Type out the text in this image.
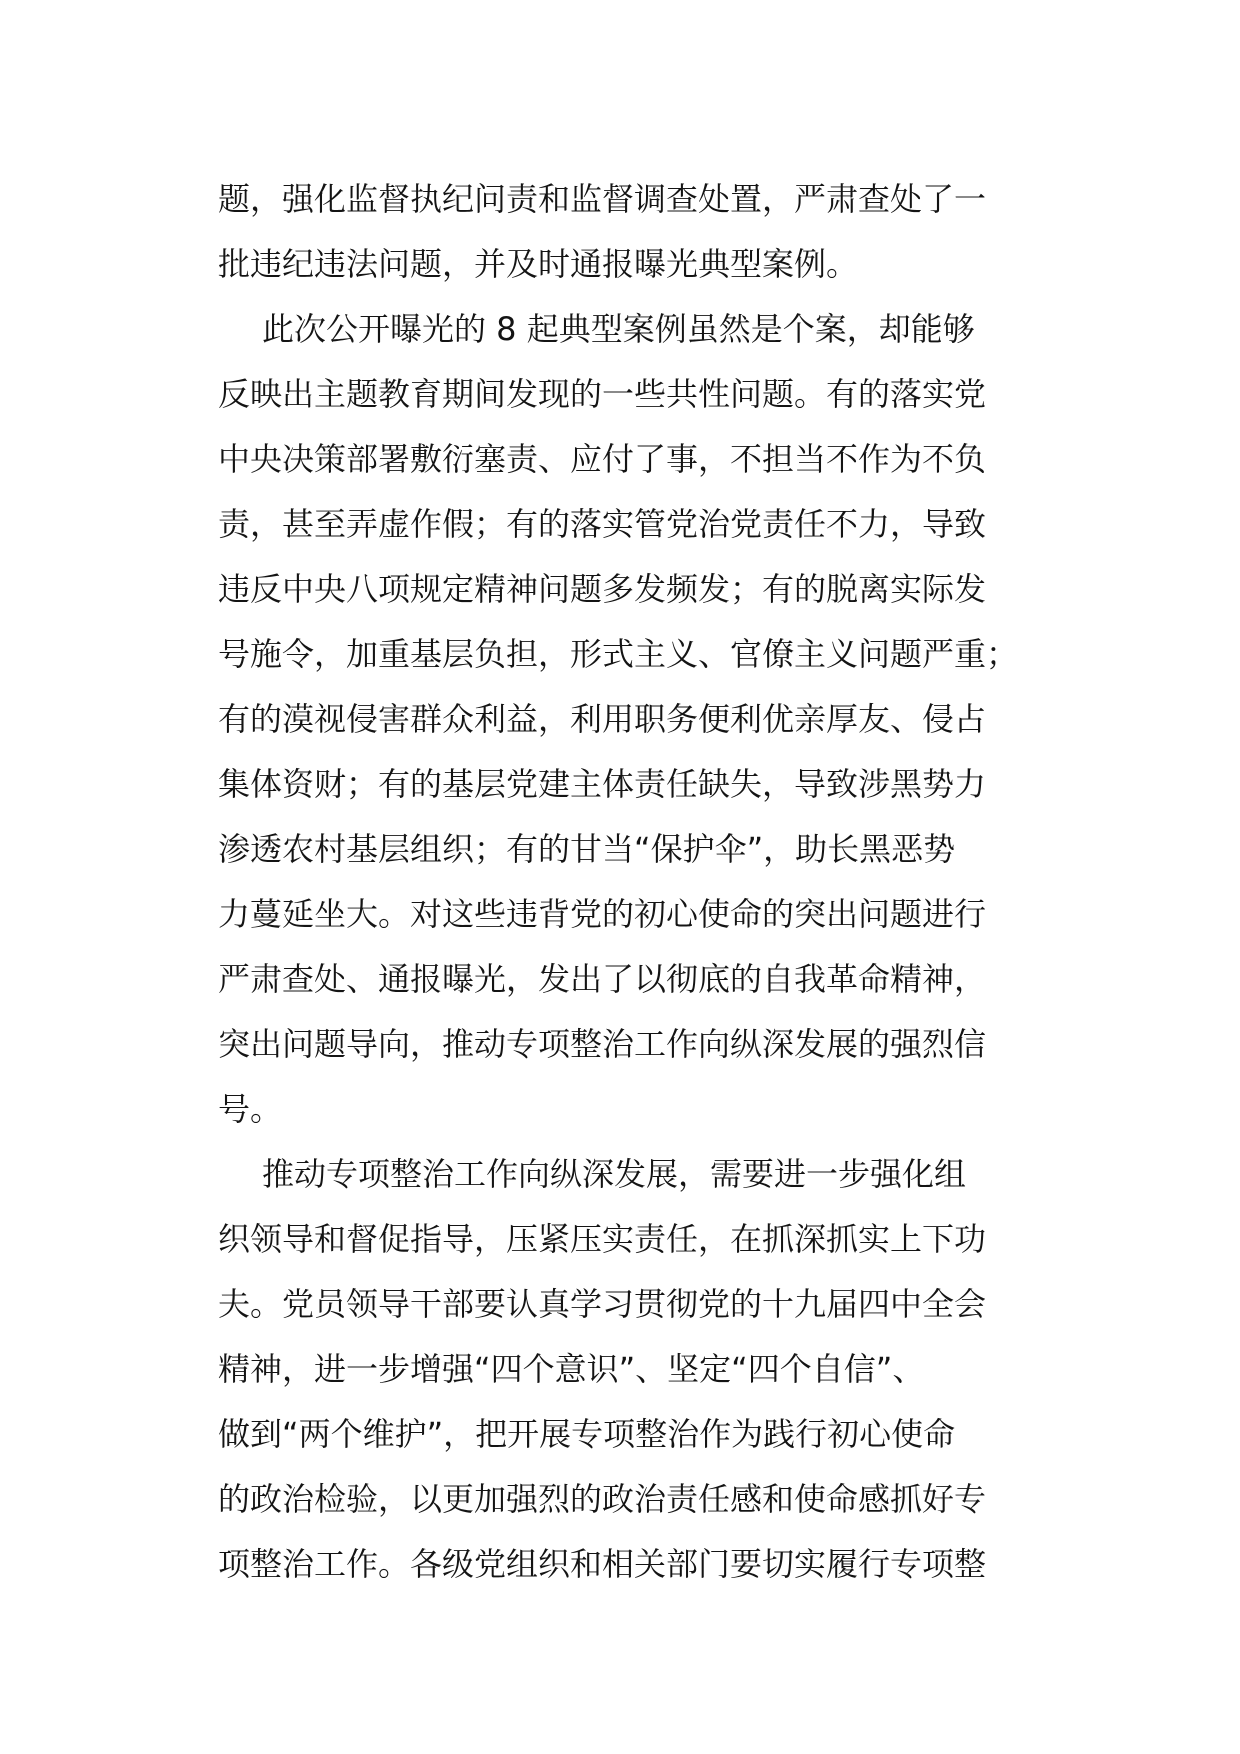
题，强化监督执纪问责和监督调查处置，严肃查处了一
批违纪违法问题，并及时通报曝光典型案例。
此次公开曝光的 8 起典型案例虽然是个案，却能够
反映出主题教育期间发现的一些共性问题。有的落实党
中央决策部署敷衍塞责、应付了事，不担当不作为不负
责，甚至弄虚作假；有的落实管党治党责任不力，导致
违反中央八项规定精神问题多发频发；有的脱离实际发
号施令，加重基层负担，形式主义、官僚主义问题严重；
有的漠视侵害群众利益，利用职务便利优亲厚友、侵占
集体资财；有的基层党建主体责任缺失，导致涉黑势力
渗透农村基层组织；有的甘当“保护伞”，助长黑恶势
力蔓延坐大。对这些违背党的初心使命的突出问题进行
严肃查处、通报曝光，发出了以彻底的自我革命精神，
突出问题导向，推动专项整治工作向纵深发展的强烈信
号。
推动专项整治工作向纵深发展，需要进一步强化组
织领导和督促指导，压紧压实责任，在抓深抓实上下功
夫。党员领导干部要认真学习贯彻党的十九届四中全会
精神，进一步增强“四个意识”、坚定“四个自信”、
做到“两个维护”，把开展专项整治作为践行初心使命
的政治检验，以更加强烈的政治责任感和使命感抓好专
项整治工作。各级党组织和相关部门要切实履行专项整
